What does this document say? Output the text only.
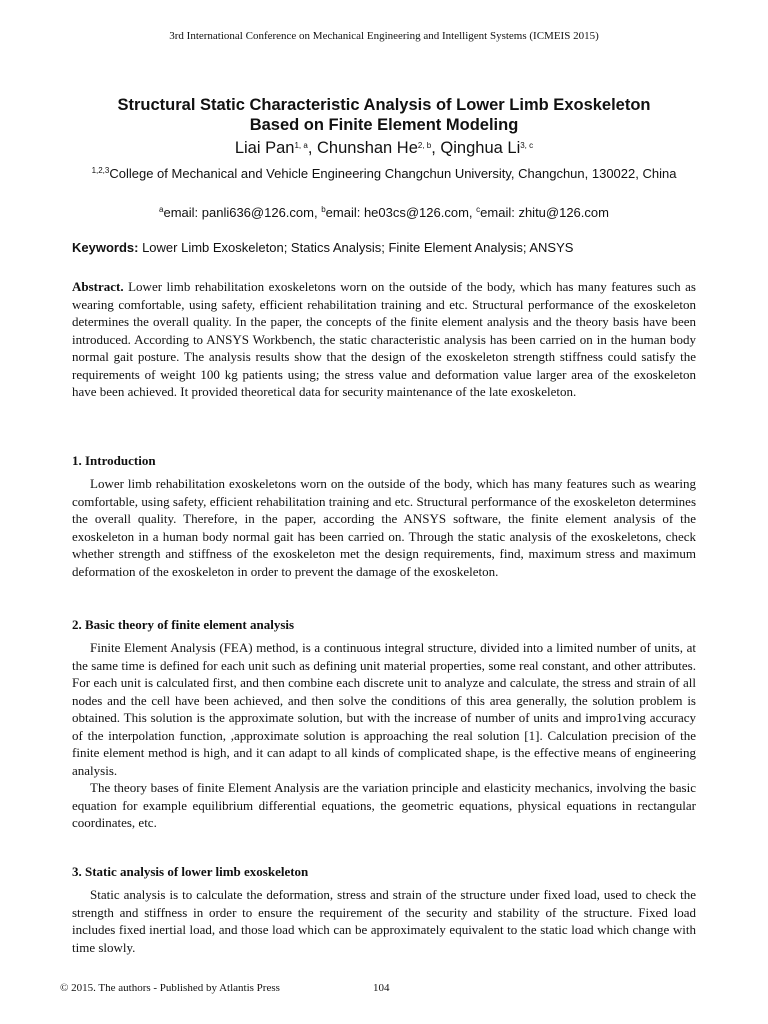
3rd International Conference on Mechanical Engineering and Intelligent Systems (ICMEIS 2015)
Structural Static Characteristic Analysis of Lower Limb Exoskeleton
Based on Finite Element Modeling
Liai Pan$^{1, a}$, Chunshan He$^{2, b}$, Qinghua Li$^{3, c}$
$^{1,2,3}$College of Mechanical and Vehicle Engineering Changchun University, Changchun, 130022, China
$^a$email: panli636@126.com, $^b$email: he03cs@126.com, $^c$email: zhitu@126.com
Keywords: Lower Limb Exoskeleton; Statics Analysis; Finite Element Analysis; ANSYS

Abstract. Lower limb rehabilitation exoskeletons worn on the outside of the body, which has many features such as wearing comfortable, using safety, efficient rehabilitation training and etc. Structural performance of the exoskeleton determines the overall quality. In the paper, the concepts of the finite element analysis and the theory basis have been introduced. According to ANSYS Workbench, the static characteristic analysis has been carried on in the human body normal gait posture. The analysis results show that the design of the exoskeleton strength stiffness could satisfy the requirements of weight 100 kg patients using; the stress value and deformation value larger area of the exoskeleton have been achieved. It provided theoretical data for security maintenance of the late exoskeleton.

1. Introduction

Lower limb rehabilitation exoskeletons worn on the outside of the body, which has many features such as wearing comfortable, using safety, efficient rehabilitation training and etc. Structural performance of the exoskeleton determines the overall quality. Therefore, in the paper, according the ANSYS software, the finite element analysis of the exoskeleton in a human body normal gait has been carried on. Through the static analysis of the exoskeletons, check whether strength and stiffness of the exoskeleton met the design requirements, find, maximum stress and maximum deformation of the exoskeleton in order to prevent the damage of the exoskeleton.

2. Basic theory of finite element analysis

Finite Element Analysis (FEA) method, is a continuous integral structure, divided into a limited number of units, at the same time is defined for each unit such as defining unit material properties, some real constant, and other attributes. For each unit is calculated first, and then combine each discrete unit to analyze and calculate, the stress and strain of all nodes and the cell have been achieved, and then solve the conditions of this area generally, the solution problem is obtained. This solution is the approximate solution, but with the increase of number of units and impro1ving accuracy of the interpolation function, ,approximate solution is approaching the real solution [1]. Calculation precision of the finite element method is high, and it can adapt to all kinds of complicated shape, is the effective means of engineering analysis.

The theory bases of finite Element Analysis are the variation principle and elasticity mechanics, involving the basic equation for example equilibrium differential equations, the geometric equations, physical equations in rectangular coordinates, etc.

3. Static analysis of lower limb exoskeleton

Static analysis is to calculate the deformation, stress and strain of the structure under fixed load, used to check the strength and stiffness in order to ensure the requirement of the security and stability of the structure. Fixed load includes fixed inertial load, and those load which can be approximately equivalent to the static load which change with time slowly.

© 2015. The authors - Published by Atlantis Press	104
